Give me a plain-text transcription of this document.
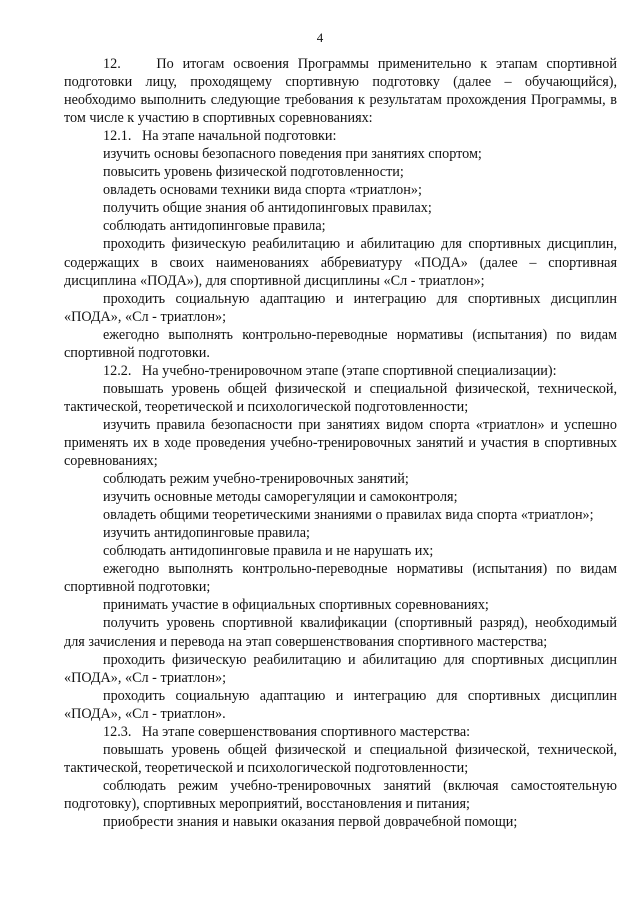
4

12.    По итогам освоения Программы применительно к этапам спортивной подготовки лицу, проходящему спортивную подготовку (далее – обучающийся), необходимо выполнить следующие требования к результатам прохождения Программы, в том числе к участию в спортивных соревнованиях:

12.1.   На этапе начальной подготовки:

изучить основы безопасного поведения при занятиях спортом;

повысить уровень физической подготовленности;

овладеть основами техники вида спорта «триатлон»;

получить общие знания об антидопинговых правилах;

соблюдать антидопинговые правила;

проходить физическую реабилитацию и абилитацию для спортивных дисциплин, содержащих в своих наименованиях аббревиатуру «ПОДА» (далее – спортивная дисциплина «ПОДА»), для спортивной дисциплины «Сл - триатлон»;

проходить социальную адаптацию и интеграцию для спортивных дисциплин «ПОДА», «Сл - триатлон»;

ежегодно выполнять контрольно-переводные нормативы (испытания) по видам спортивной подготовки.

12.2.   На учебно-тренировочном этапе (этапе спортивной специализации):

повышать уровень общей физической и специальной физической, технической, тактической, теоретической и психологической подготовленности;

изучить правила безопасности при занятиях видом спорта «триатлон» и успешно применять их в ходе проведения учебно-тренировочных занятий и участия в спортивных соревнованиях;

соблюдать режим учебно-тренировочных занятий;

изучить основные методы саморегуляции и самоконтроля;

овладеть общими теоретическими знаниями о правилах вида спорта «триатлон»;

изучить антидопинговые правила;

соблюдать антидопинговые правила и не нарушать их;

ежегодно выполнять контрольно-переводные нормативы (испытания) по видам спортивной подготовки;

принимать участие в официальных спортивных соревнованиях;

получить уровень спортивной квалификации (спортивный разряд), необходимый для зачисления и перевода на этап совершенствования спортивного мастерства;

проходить физическую реабилитацию и абилитацию для спортивных дисциплин «ПОДА», «Сл - триатлон»;

проходить социальную адаптацию и интеграцию для спортивных дисциплин «ПОДА», «Сл - триатлон».

12.3.   На этапе совершенствования спортивного мастерства:

повышать уровень общей физической и специальной физической, технической, тактической, теоретической и психологической подготовленности;

соблюдать режим учебно-тренировочных занятий (включая самостоятельную подготовку), спортивных мероприятий, восстановления и питания;

приобрести знания и навыки оказания первой доврачебной помощи;
